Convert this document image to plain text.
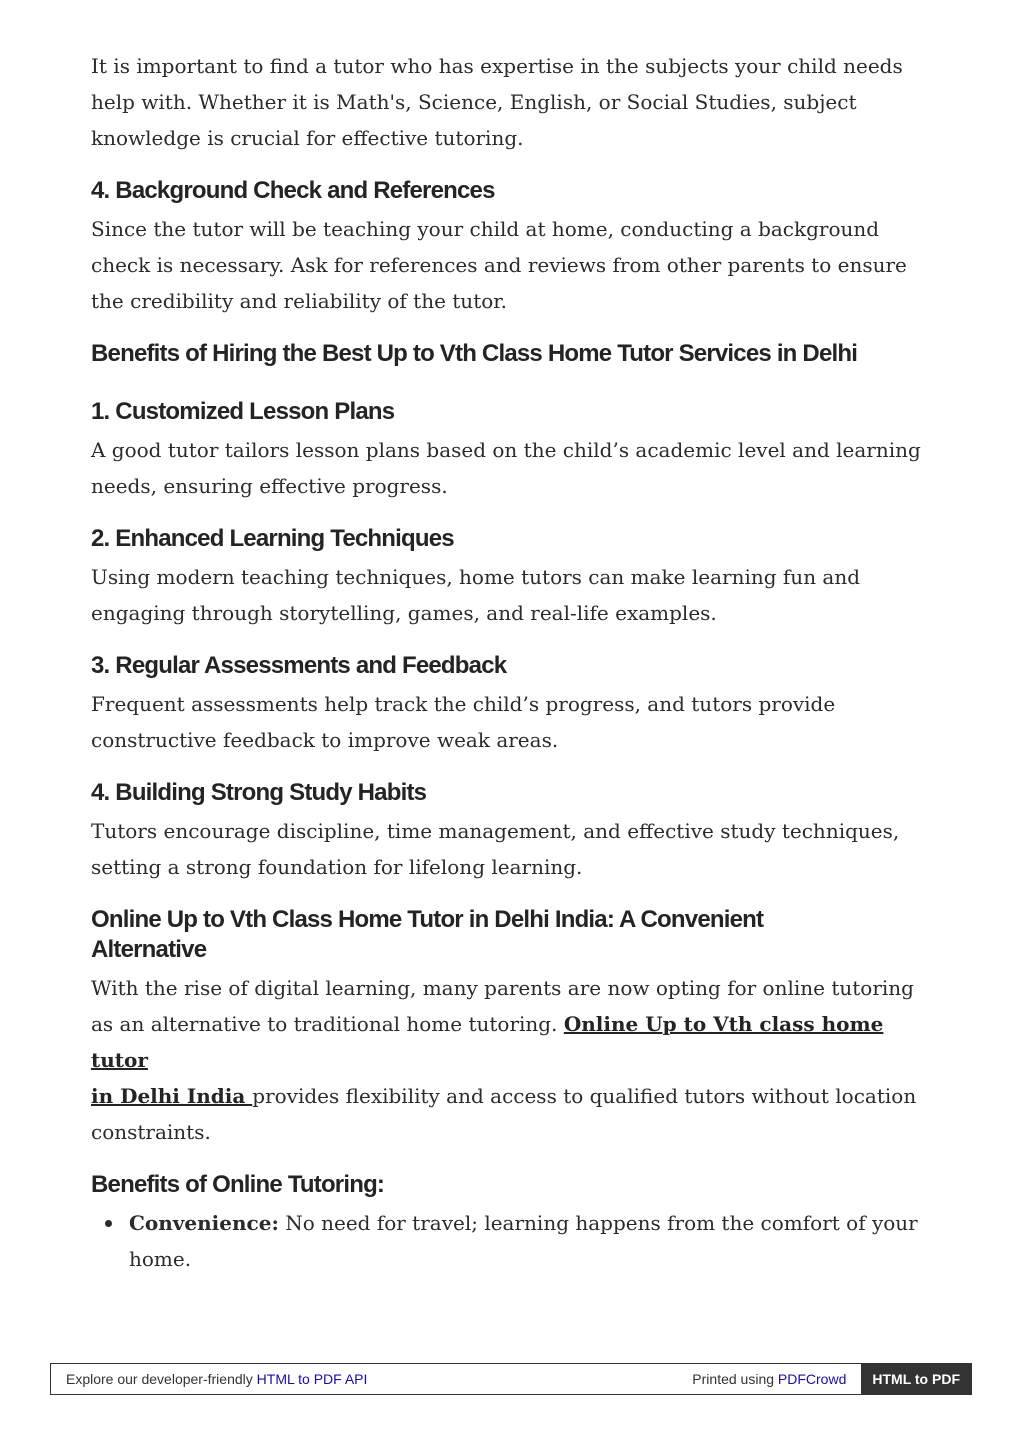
It is important to find a tutor who has expertise in the subjects your child needs
help with. Whether it is Math's, Science, English, or Social Studies, subject
knowledge is crucial for effective tutoring.

4. Background Check and References

Since the tutor will be teaching your child at home, conducting a background
check is necessary. Ask for references and reviews from other parents to ensure
the credibility and reliability of the tutor.

Benefits of Hiring the Best Up to Vth Class Home Tutor Services in Delhi
1. Customized Lesson Plans

A good tutor tailors lesson plans based on the child’s academic level and learning
needs, ensuring effective progress.

2. Enhanced Learning Techniques

Using modern teaching techniques, home tutors can make learning fun and
engaging through storytelling, games, and real-life examples.

3. Regular Assessments and Feedback

Frequent assessments help track the child’s progress, and tutors provide
constructive feedback to improve weak areas.

4. Building Strong Study Habits

Tutors encourage discipline, time management, and effective study techniques,
setting a strong foundation for lifelong learning.

Online Up to Vth Class Home Tutor in Delhi India: A Convenient
Alternative

With the rise of digital learning, many parents are now opting for online tutoring
as an alternative to traditional home tutoring. Online Up to Vth class home tutor
in Delhi India provides flexibility and access to qualified tutors without location
constraints.

Benefits of Online Tutoring:
Convenience: No need for travel; learning happens from the comfort of your
home.
Explore our developer-friendly
HTML to PDF API	Printed using
PDFCrowd	HTML to PDF
